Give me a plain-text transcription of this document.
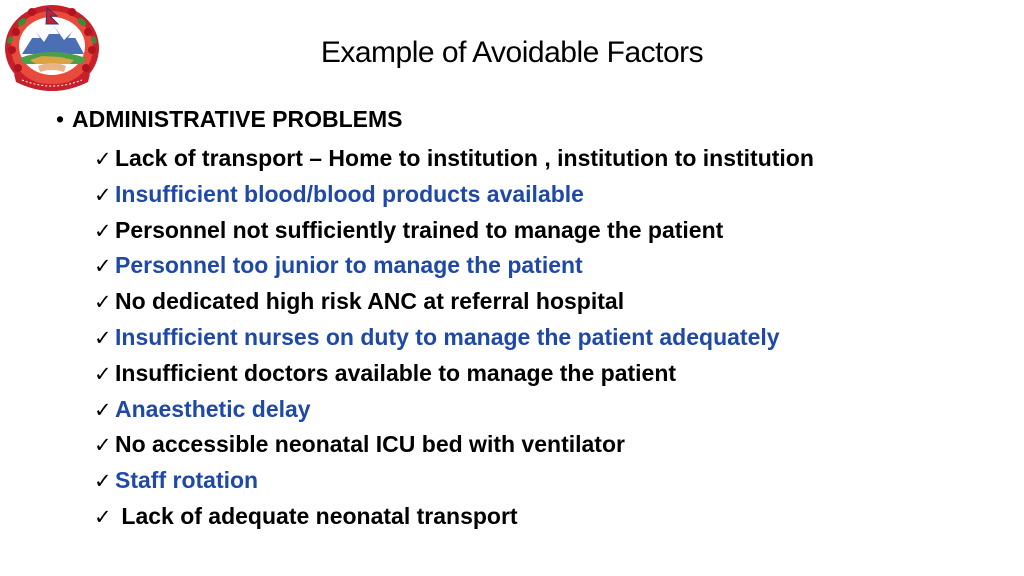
Example of Avoidable Factors
• ADMINISTRATIVE PROBLEMS
✓ Lack of transport – Home to institution , institution to institution
✓ Insufficient blood/blood products available
✓ Personnel not sufficiently trained to manage the patient
✓ Personnel too junior to manage the patient
✓ No dedicated high risk ANC at referral hospital
✓ Insufficient nurses on duty to manage the patient adequately
✓ Insufficient doctors available to manage the patient
✓ Anaesthetic delay
✓ No accessible neonatal ICU bed with ventilator
✓ Staff rotation
✓ Lack of adequate neonatal transport
